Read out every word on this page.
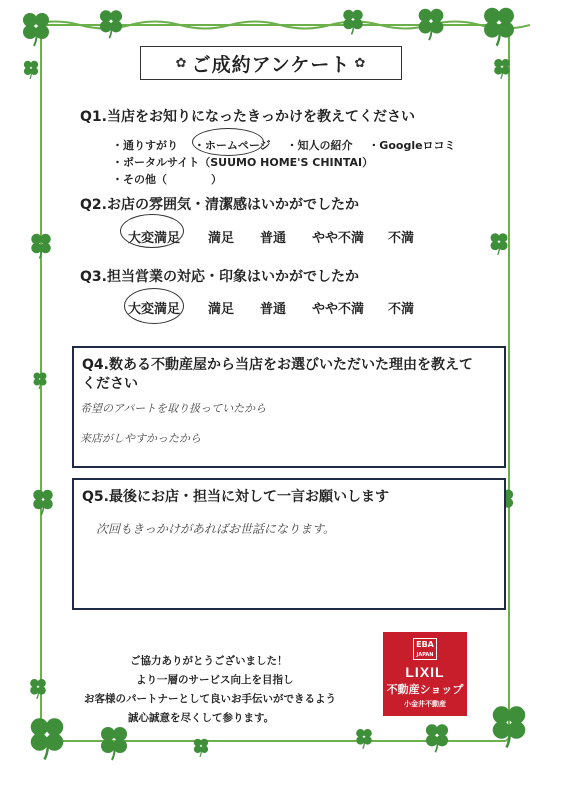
✿ ご成約アンケート ✿
Q1.当店をお知りになったきっかけを教えてください
・通りすがり ・ホームページ ・知人の紹介 ・Googleロコミ
・ポータルサイト（SUUMO HOME'S CHINTAI） ・その他（　　　　）
Q2.お店の雰囲気・清潔感はいかがでしたか
大変満足	満足	普通	やや不満	不満
Q3.担当営業の対応・印象はいかがでしたか
大変満足	満足	普通	やや不満	不満
Q4.数ある不動産屋から当店をお選びいただいた理由を教えて
ください
希望のアパートを取り扱っていたから
来店がしやすかったから
Q5.最後にお店・担当に対して一言お願いします
次回もきっかけがあればお世話になります。
ご協力ありがとうございました！
より一層のサービス向上を目指し
お客様のパートナーとして良いお手伝いができるよう
誠心誠意を尽くして参ります。
EBA
JAPAN
LIXIL
不動産ショップ
小金井不動産
